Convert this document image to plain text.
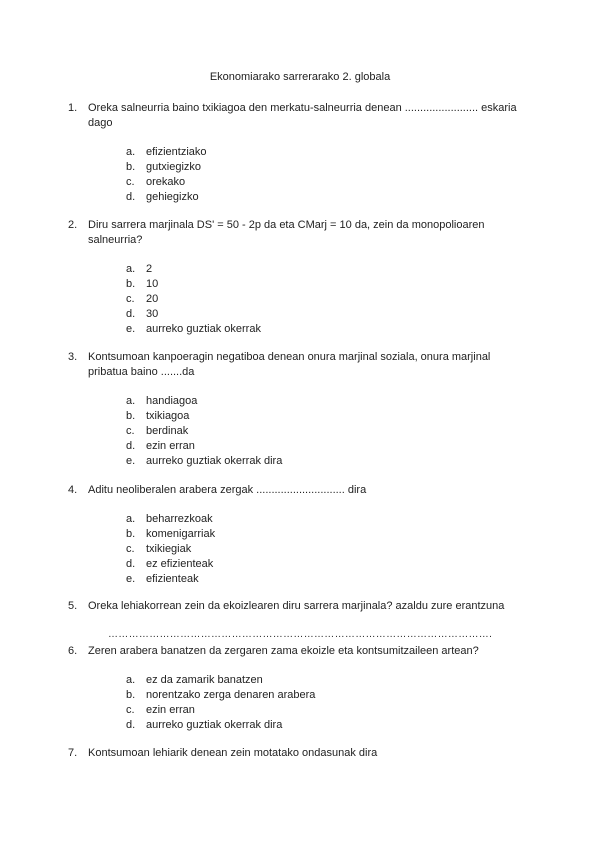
Ekonomiarako sarrerarako 2. globala
1. Oreka salneurria baino txikiagoa den merkatu-salneurria denean ........................ eskaria dago
a. efizientziako
b. gutxiegizko
c.	orekako
d. gehiegizko
2. Diru sarrera marjinala DS' = 50 - 2p da eta CMarj = 10 da, zein da monopolioaren salneurria?
a. 2
b. 10
c.	20
d. 30
e. aurreko guztiak okerrak
3. Kontsumoan kanpoeragin negatiboa denean onura marjinal soziala, onura marjinal pribatua baino .......da
a. handiagoa
b. txikiagoa
c.	berdinak
d. ezin erran
e. aurreko guztiak okerrak dira
4. Aditu neoliberalen arabera zergak ............................. dira
a. beharrezkoak
b. komenigarriak
c.	txikiegiak
d. ez efizienteak
e. efizienteak
5. Oreka lehiakorrean zein da ekoizlearen diru sarrera marjinala? azaldu zure erantzuna
………………………………………………………………………………………………….
6. Zeren arabera banatzen da zergaren zama ekoizle eta kontsumitzaileen artean?
a. ez da zamarik banatzen
b. norentzako zerga denaren arabera
c.	ezin erran
d. aurreko guztiak okerrak dira
7. Kontsumoan lehiarik denean zein motatako ondasunak dira
